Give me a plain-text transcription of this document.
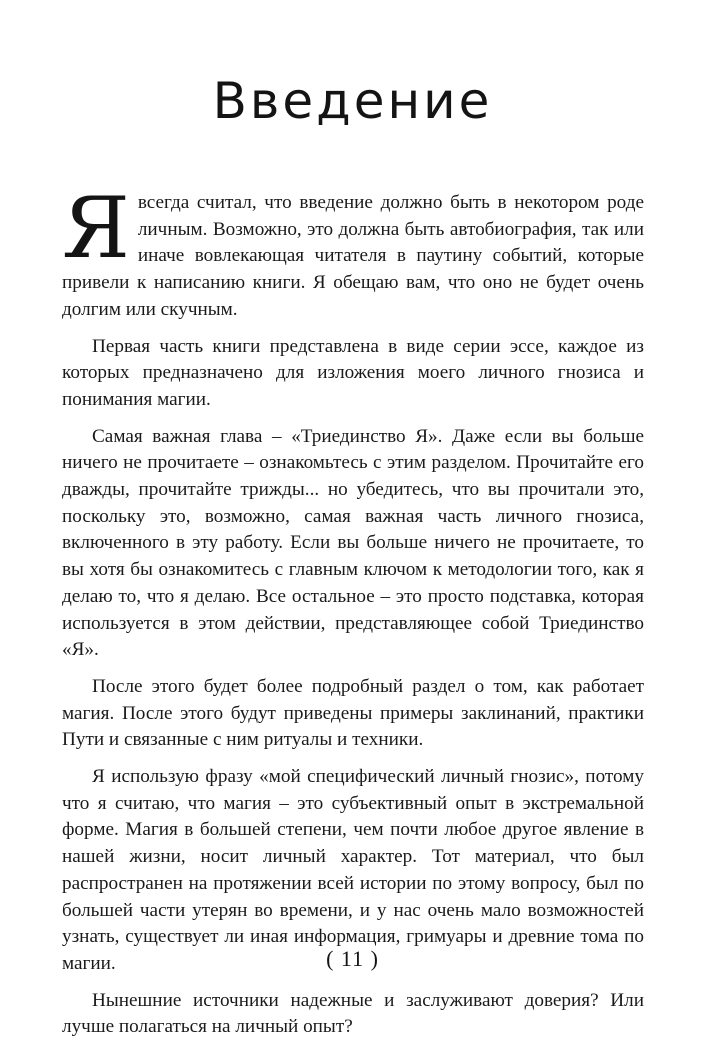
Введение

Явсегда считал, что введение должно быть в некотором роде личным. Возможно, это должна быть автобиография, так или иначе вовлекающая читателя в паутину событий, которые привели к написанию книги. Я обещаю вам, что оно не будет очень долгим или скучным.

Первая часть книги представлена в виде серии эссе, каждое из которых предназначено для изложения моего личного гнозиса и понимания магии.

Самая важная глава – «Триединство Я». Даже если вы больше ничего не прочитаете – ознакомьтесь с этим разделом. Прочитайте его дважды, прочитайте трижды... но убедитесь, что вы прочитали это, поскольку это, возможно, самая важная часть личного гнозиса, включенного в эту работу. Если вы больше ничего не прочитаете, то вы хотя бы ознакомитесь с главным ключом к методологии того, как я делаю то, что я делаю. Все остальное – это просто подставка, которая используется в этом действии, представляющее собой Триединство «Я».

После этого будет более подробный раздел о том, как работает магия. После этого будут приведены примеры заклинаний, практики Пути и связанные с ним ритуалы и техники.

Я использую фразу «мой специфический личный гнозис», потому что я считаю, что магия – это субъективный опыт в экстремальной форме. Магия в большей степени, чем почти любое другое явление в нашей жизни, носит личный характер. Тот материал, что был распространен на протяжении всей истории по этому вопросу, был по большей части утерян во времени, и у нас очень мало возможностей узнать, существует ли иная информация, гримуары и древние тома по магии.

Нынешние источники надежные и заслуживают доверия? Или лучше полагаться на личный опыт?

( 11 )
